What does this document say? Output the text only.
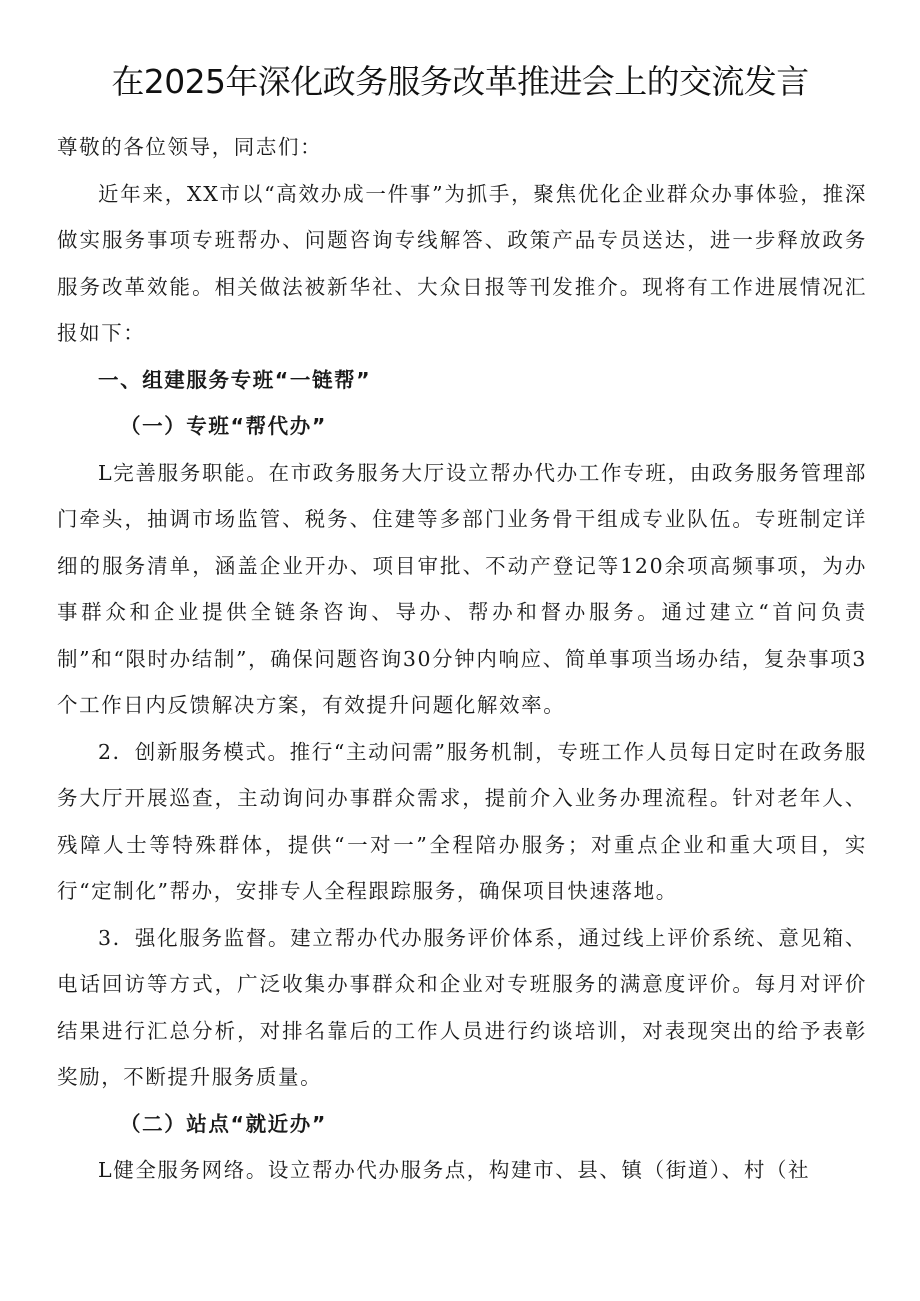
在2025年深化政务服务改革推进会上的交流发言

尊敬的各位领导，同志们：

近年来，XX市以“高效办成一件事”为抓手，聚焦优化企业群众办事体验，推深做实服务事项专班帮办、问题咨询专线解答、政策产品专员送达，进一步释放政务服务改革效能。相关做法被新华社、大众日报等刊发推介。现将有工作进展情况汇报如下：

一、组建服务专班“一链帮”

（一）专班“帮代办”

L完善服务职能。在市政务服务大厅设立帮办代办工作专班，由政务服务管理部门牵头，抽调市场监管、税务、住建等多部门业务骨干组成专业队伍。专班制定详细的服务清单，涵盖企业开办、项目审批、不动产登记等120余项高频事项，为办事群众和企业提供全链条咨询、导办、帮办和督办服务。通过建立“首问负责制”和“限时办结制”，确保问题咨询30分钟内响应、简单事项当场办结，复杂事项3个工作日内反馈解决方案，有效提升问题化解效率。

2．创新服务模式。推行“主动问需”服务机制，专班工作人员每日定时在政务服务大厅开展巡查，主动询问办事群众需求，提前介入业务办理流程。针对老年人、残障人士等特殊群体，提供“一对一”全程陪办服务；对重点企业和重大项目，实行“定制化”帮办，安排专人全程跟踪服务，确保项目快速落地。

3．强化服务监督。建立帮办代办服务评价体系，通过线上评价系统、意见箱、电话回访等方式，广泛收集办事群众和企业对专班服务的满意度评价。每月对评价结果进行汇总分析，对排名靠后的工作人员进行约谈培训，对表现突出的给予表彰奖励，不断提升服务质量。

（二）站点“就近办”

L健全服务网络。设立帮办代办服务点，构建市、县、镇（街道）、村（社
